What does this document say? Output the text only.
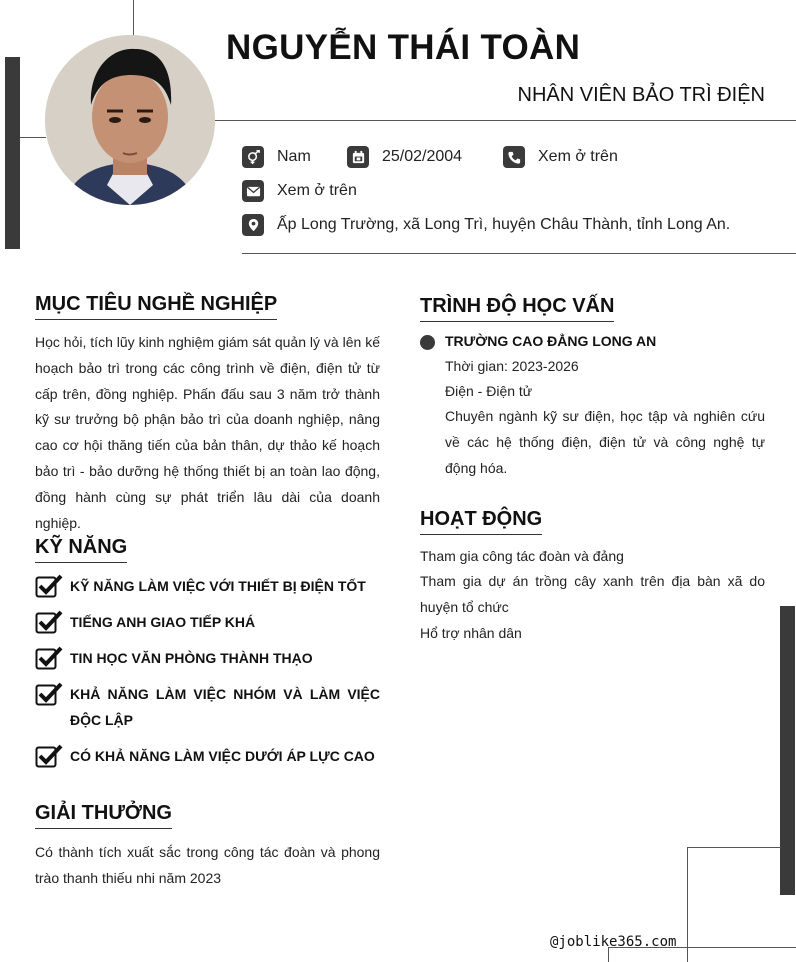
NGUYỄN THÁI TOÀN
NHÂN VIÊN BẢO TRÌ ĐIỆN
Nam	25/02/2004	Xem ở trên
Xem ở trên
Ấp Long Trường, xã Long Trì, huyện Châu Thành, tỉnh Long An.
MỤC TIÊU NGHỀ NGHIỆP
Học hỏi, tích lũy kinh nghiệm giám sát quản lý và lên kế hoạch bảo trì trong các công trình về điện, điện tử từ cấp trên, đồng nghiệp. Phấn đấu sau 3 năm trở thành kỹ sư trưởng bộ phận bảo trì của doanh nghiệp, nâng cao cơ hội thăng tiến của bản thân, dự thảo kế hoạch bảo trì - bảo dưỡng hệ thống thiết bị an toàn lao động, đồng hành cùng sự phát triển lâu dài của doanh nghiệp.
KỸ NĂNG
KỸ NĂNG LÀM VIỆC VỚI THIẾT BỊ ĐIỆN TỐT
TIẾNG ANH GIAO TIẾP KHÁ
TIN HỌC VĂN PHÒNG THÀNH THẠO
KHẢ NĂNG LÀM VIỆC NHÓM VÀ LÀM VIỆC ĐỘC LẬP
CÓ KHẢ NĂNG LÀM VIỆC DƯỚI ÁP LỰC CAO
GIẢI THƯỞNG
Có thành tích xuất sắc trong công tác đoàn và phong trào thanh thiếu nhi năm 2023
TRÌNH ĐỘ HỌC VẤN
TRƯỜNG CAO ĐẲNG LONG AN
Thời gian: 2023-2026
Điện - Điện tử
Chuyên ngành kỹ sư điện, học tập và nghiên cứu về các hệ thống điện, điện tử và công nghệ tự động hóa.
HOẠT ĐỘNG
Tham gia công tác đoàn và đảng
Tham gia dự án trồng cây xanh trên địa bàn xã do huyện tổ chức
Hổ trợ nhân dân
@joblike365.com
